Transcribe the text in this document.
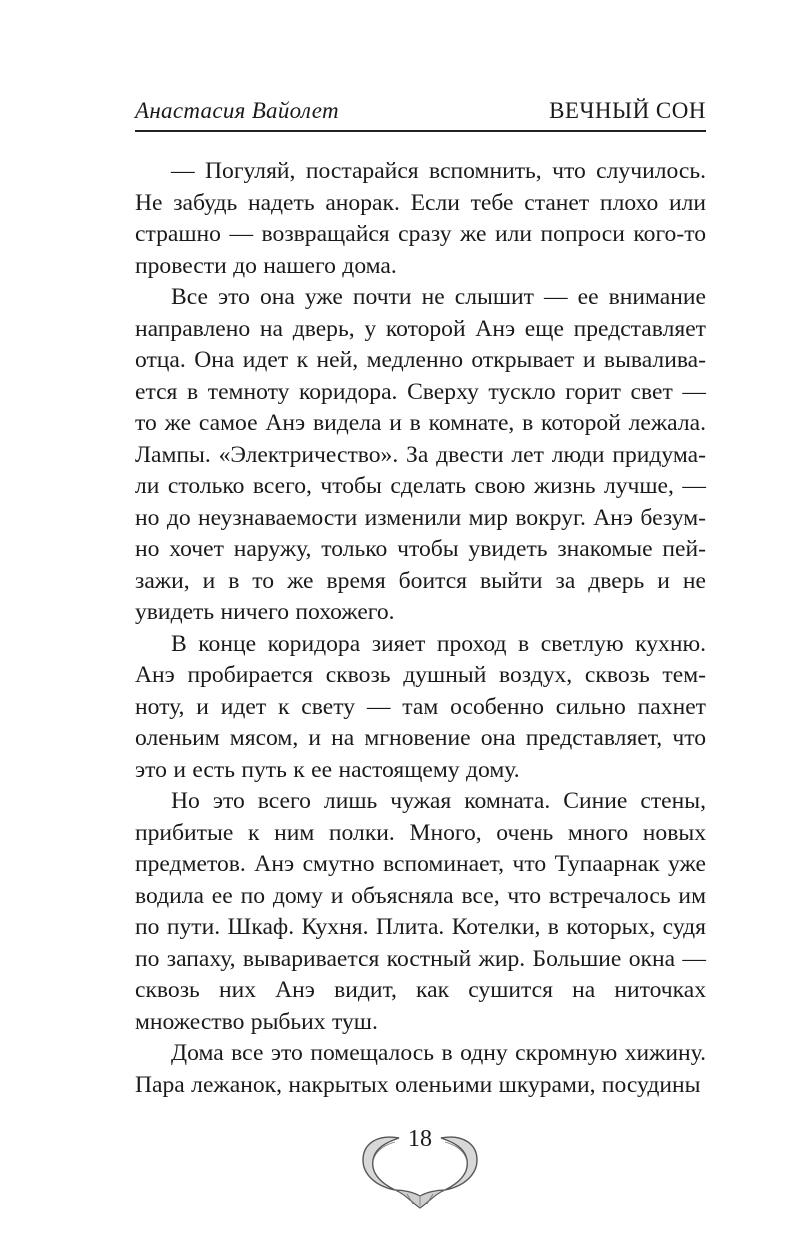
Анастасия Вайолет	ВЕЧНЫЙ СОН

— Погуляй, постарайся вспомнить, что случилось. Не забудь надеть анорак. Если тебе станет плохо или страшно — возвращайся сразу же или попроси кого-то провести до нашего дома.

Все это она уже почти не слышит — ее внимание направлено на дверь, у которой Анэ еще представляет отца. Она идет к ней, медленно открывает и вываливается в темноту коридора. Сверху тускло горит свет — то же самое Анэ видела и в комнате, в которой лежала. Лампы. «Электричество». За двести лет люди придумали столько всего, чтобы сделать свою жизнь лучше, — но до неузнаваемости изменили мир вокруг. Анэ безумно хочет наружу, только чтобы увидеть знакомые пейзажи, и в то же время боится выйти за дверь и не увидеть ничего похожего.

В конце коридора зияет проход в светлую кухню. Анэ пробирается сквозь душный воздух, сквозь темноту, и идет к свету — там особенно сильно пахнет оленьим мясом, и на мгновение она представляет, что это и есть путь к ее настоящему дому.

Но это всего лишь чужая комната. Синие стены, прибитые к ним полки. Много, очень много новых предметов. Анэ смутно вспоминает, что Тупаарнак уже водила ее по дому и объясняла все, что встречалось им по пути. Шкаф. Кухня. Плита. Котелки, в которых, судя по запаху, вываривается костный жир. Большие окна — сквозь них Анэ видит, как сушится на ниточках множество рыбьих туш.

Дома все это помещалось в одну скромную хижину. Пара лежанок, накрытых оленьими шкурами, посудины

18
